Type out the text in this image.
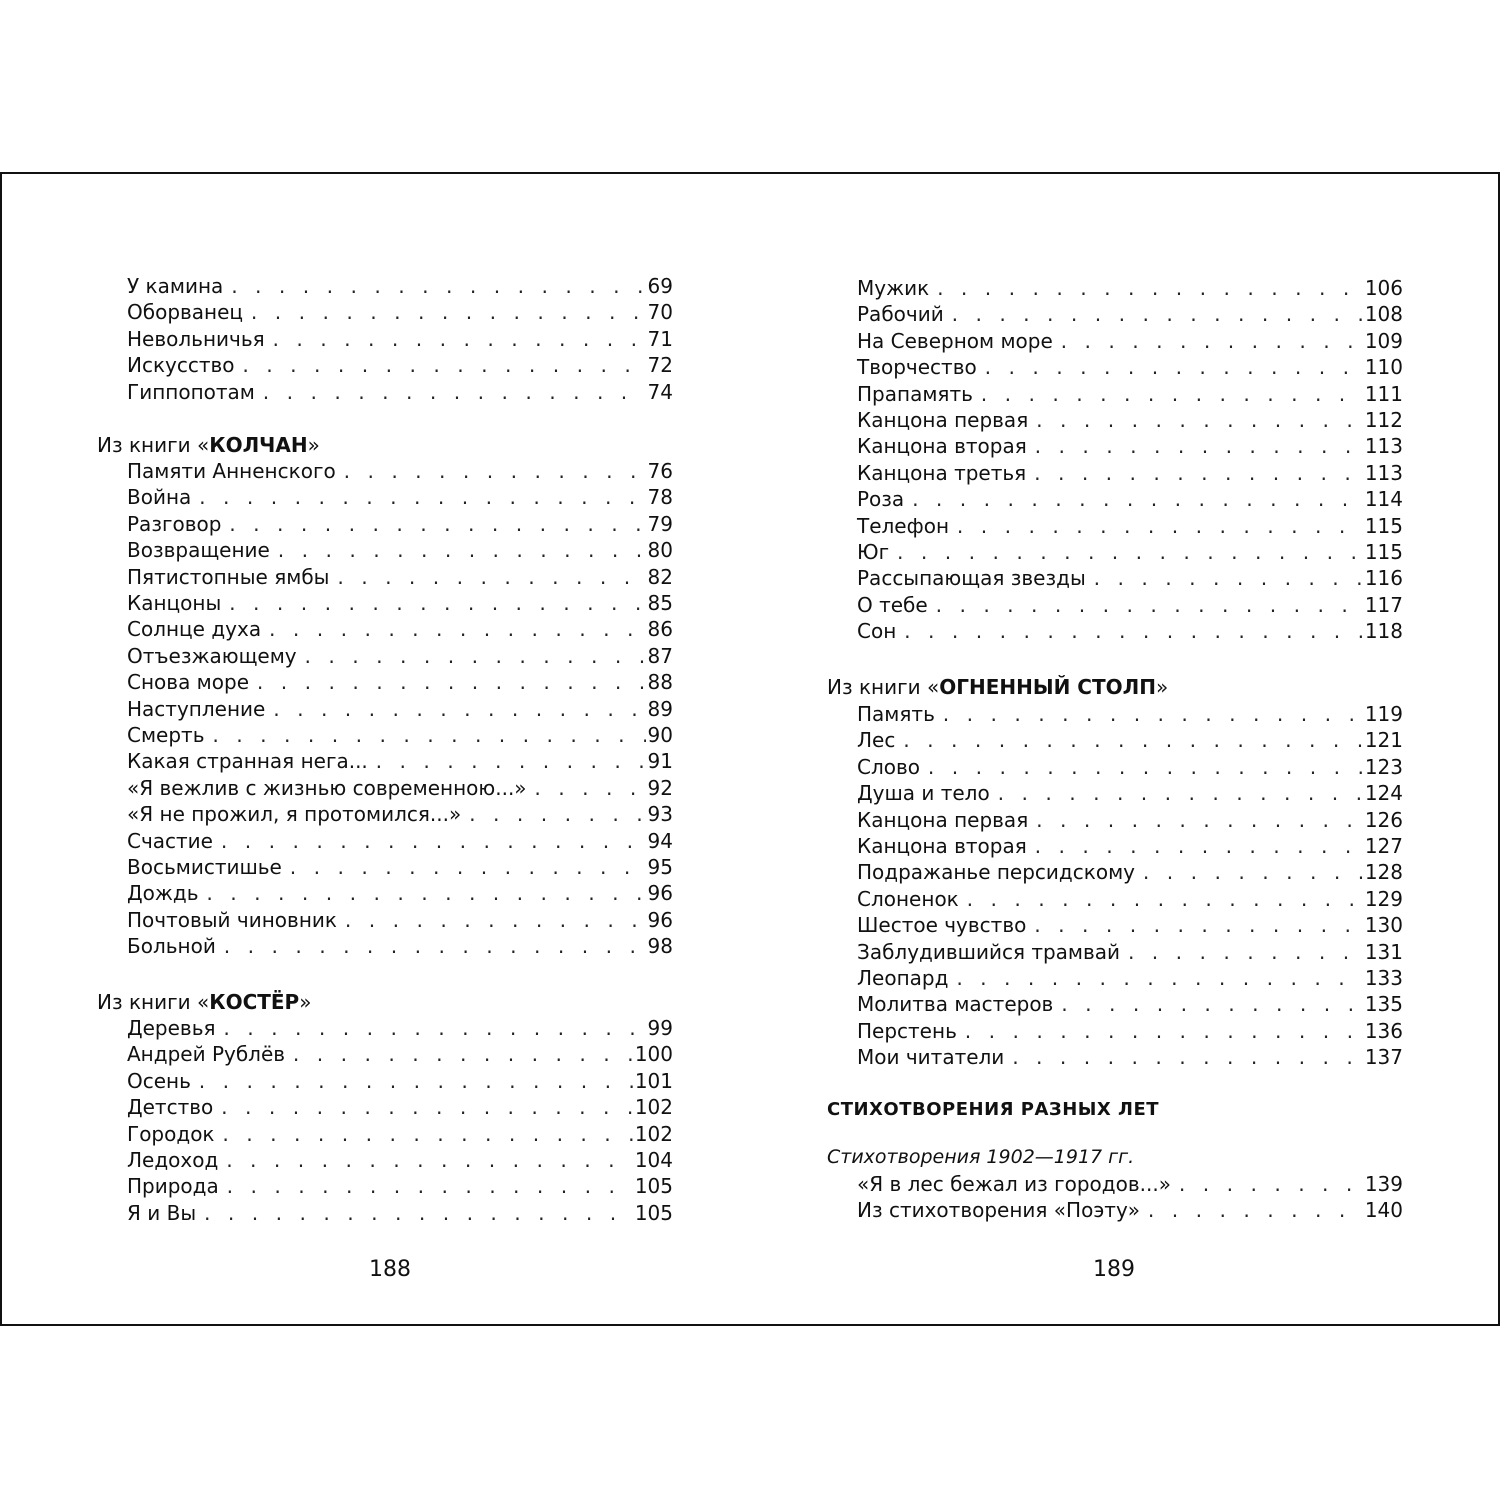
Из книги «КОЛЧАН»
Из книги «КОСТЁР»
188
У камина . . .	69
Оборванец . . .	70
Невольничья . . .	71
Искусство . . .	72
Гиппопотам . . .	74
Памяти Анненского . . .	76
Война . . .	78
Разговор . . .	79
Возвращение . . .	80
Пятистопные ямбы . . .	82
Канцоны . . .	85
Солнце духа . . .	86
Отъезжающему . . .	87
Снова море . . .	88
Наступление . . .	89
Смерть . . .	90
Какая странная нега... . . .	91
«Я вежлив с жизнью современною...» . . .	92
«Я не прожил, я протомился...» . . .	93
Счастие . . .	94
Восьмистишье . . .	95
Дождь . . .	96
Почтовый чиновник . . .	96
Больной . . .	98
Деревья . . .	99
Андрей Рублёв . . .	100
Осень . . .	101
Детство . . .	102
Городок . . .	102
Ледоход . . .	104
Природа . . .	105
Я и Вы . . .	105
Из книги «ОГНЕННЫЙ СТОЛП»
СТИХОТВОРЕНИЯ РАЗНЫХ ЛЕТ
Стихотворения 1902—1917 гг.
189
Мужик . . .	106
Рабочий . . .	108
На Северном море . . .	109
Творчество . . .	110
Прапамять . . .	111
Канцона первая . . .	112
Канцона вторая . . .	113
Канцона третья . . .	113
Роза . . .	114
Телефон . . .	115
Юг . . .	115
Рассыпающая звезды . . .	116
О тебе . . .	117
Сон . . .	118
Память . . .	119
Лес . . .	121
Слово . . .	123
Душа и тело . . .	124
Канцона первая . . .	126
Канцона вторая . . .	127
Подражанье персидскому . . .	128
Слоненок . . .	129
Шестое чувство . . .	130
Заблудившийся трамвай . . .	131
Леопард . . .	133
Молитва мастеров . . .	135
Перстень . . .	136
Мои читатели . . .	137
«Я в лес бежал из городов...» . . .	139
Из стихотворения «Поэту» . . .	140
